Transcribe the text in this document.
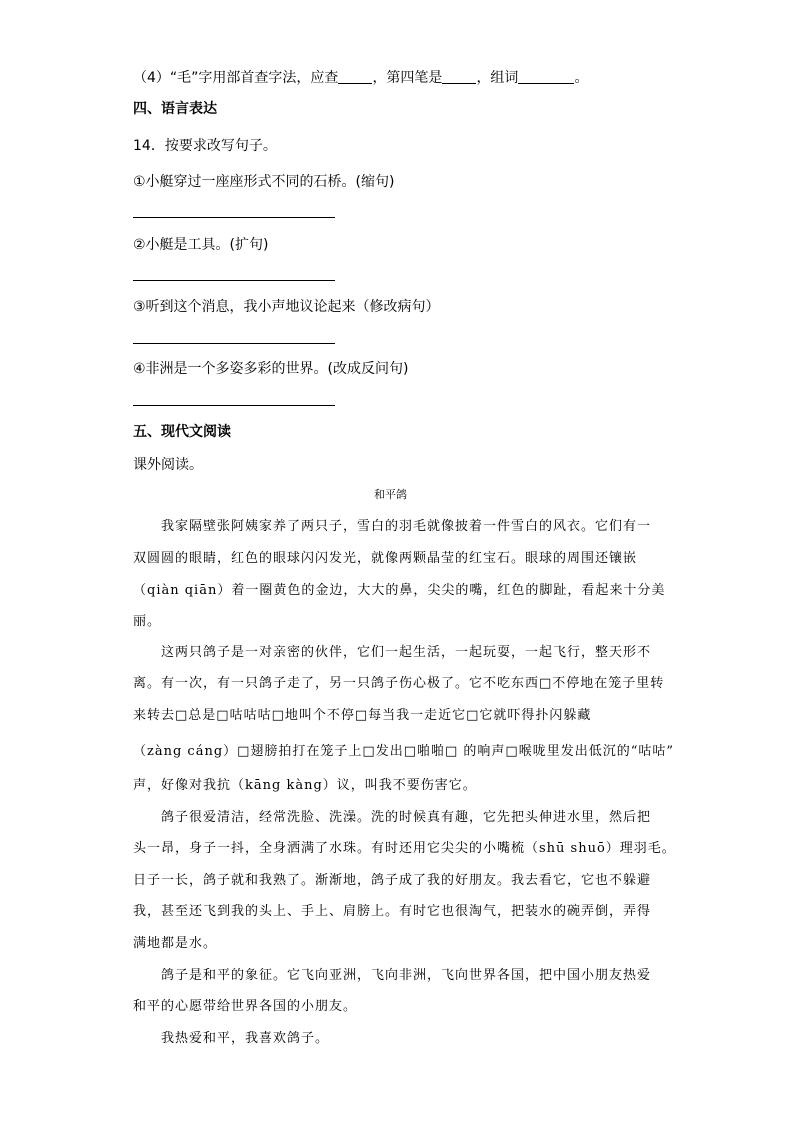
（4）“毛”字用部首查字法，应查 ，第四笔是 ，组词	。
四、语言表达
14．按要求改写句子。
①小艇穿过一座座形式不同的石桥。(缩句)
②小艇是工具。(扩句)
③听到这个消息，我小声地议论起来（修改病句）
④非洲是一个多姿多彩的世界。(改成反问句)
五、现代文阅读
课外阅读。
和平鸽
我家隔壁张阿姨家养了两只子，雪白的羽毛就像披着一件雪白的风衣。它们有一
双圆圆的眼睛，红色的眼球闪闪发光，就像两颗晶莹的红宝石。眼球的周围还镶嵌
（qiàn qiān）着一圈黄色的金边，大大的鼻，尖尖的嘴，红色的脚趾，看起来十分美
丽。
这两只鸽子是一对亲密的伙伴，它们一起生活，一起玩耍，一起飞行，整天形不
离。有一次，有一只鸽子走了，另一只鸽子伤心极了。它不吃东西□不停地在笼子里转
来转去□总是□咕咕咕□地叫个不停□每当我一走近它□它就吓得扑闪躲藏
（zàng cáng）□翅膀拍打在笼子上□发出□啪啪□ 的响声□喉咙里发出低沉的“咕咕”
声，好像对我抗（kāng kàng）议，叫我不要伤害它。
鸽子很爱清洁，经常洗脸、洗澡。洗的时候真有趣，它先把头伸进水里，然后把
头一昂，身子一抖，全身洒满了水珠。有时还用它尖尖的小嘴梳（shū shuō）理羽毛。
日子一长，鸽子就和我熟了。渐渐地，鸽子成了我的好朋友。我去看它，它也不躲避
我，甚至还飞到我的头上、手上、肩膀上。有时它也很淘气，把装水的碗弄倒，弄得
满地都是水。
鸽子是和平的象征。它飞向亚洲，飞向非洲，飞向世界各国，把中国小朋友热爱
和平的心愿带给世界各国的小朋友。
我热爱和平，我喜欢鸽子。
